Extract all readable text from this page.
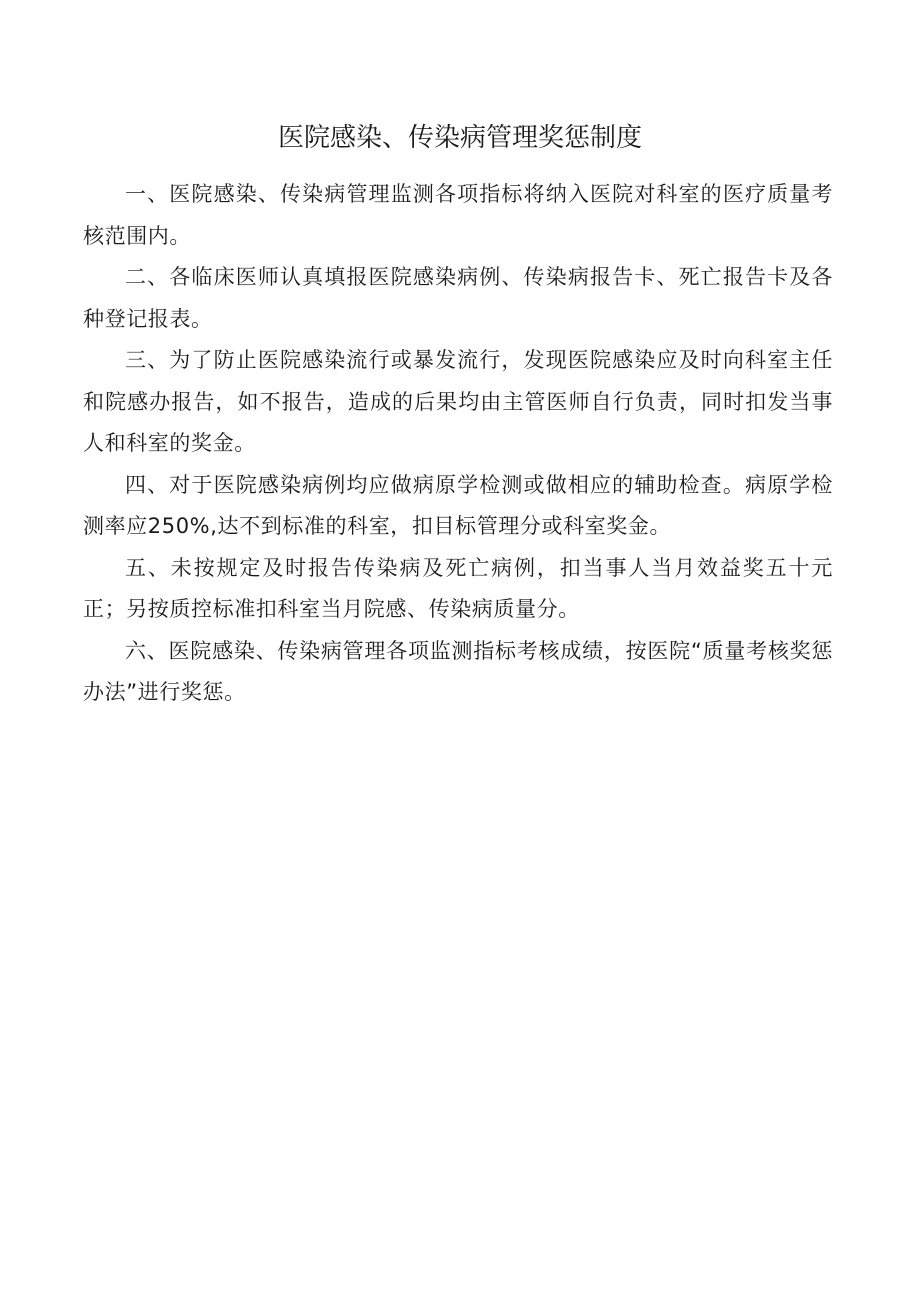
医院感染、传染病管理奖惩制度

一、医院感染、传染病管理监测各项指标将纳入医院对科室的医疗质量考核范围内。

二、各临床医师认真填报医院感染病例、传染病报告卡、死亡报告卡及各种登记报表。

三、为了防止医院感染流行或暴发流行，发现医院感染应及时向科室主任和院感办报告，如不报告，造成的后果均由主管医师自行负责，同时扣发当事人和科室的奖金。

四、对于医院感染病例均应做病原学检测或做相应的辅助检查。病原学检测率应250%,达不到标准的科室，扣目标管理分或科室奖金。

五、未按规定及时报告传染病及死亡病例，扣当事人当月效益奖五十元正；另按质控标准扣科室当月院感、传染病质量分。

六、医院感染、传染病管理各项监测指标考核成绩，按医院“质量考核奖惩办法”进行奖惩。
